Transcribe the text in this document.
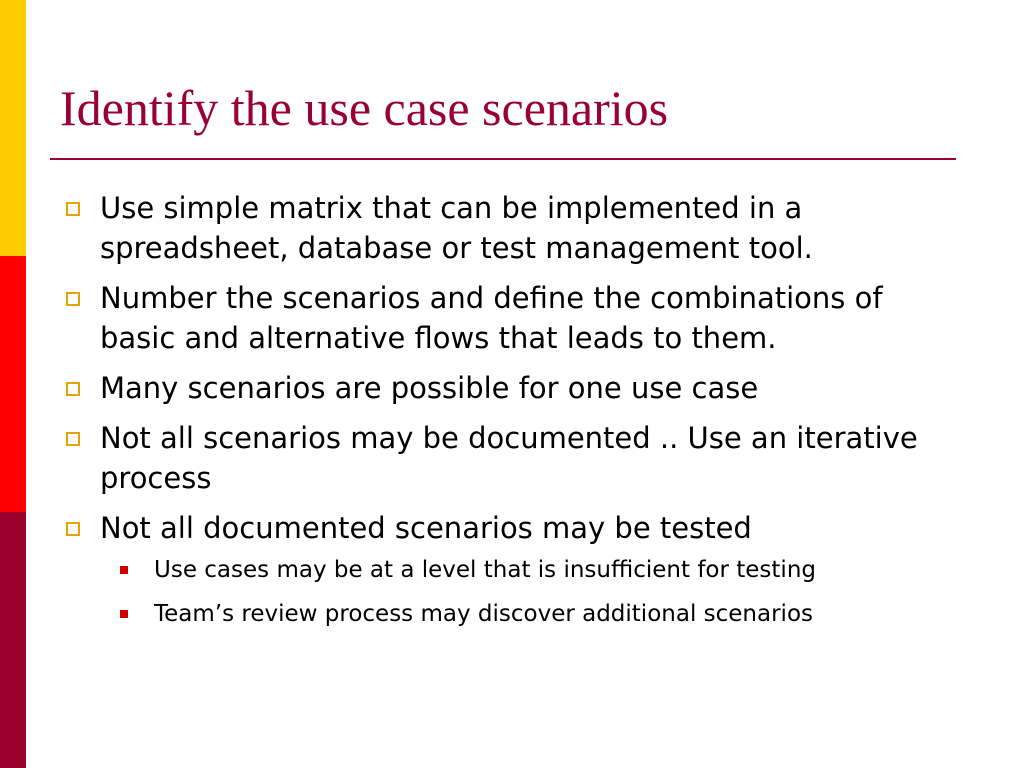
Identify the use case scenarios
Use simple matrix that can be implemented in a spreadsheet, database or test management tool.
Number the scenarios and define the combinations of basic and alternative flows that leads to them.
Many scenarios are possible for one use case
Not all scenarios may be documented .. Use an iterative process
Not all documented scenarios may be tested
Use cases may be at a level that is insufficient for testing
Team’s review process may discover additional scenarios
